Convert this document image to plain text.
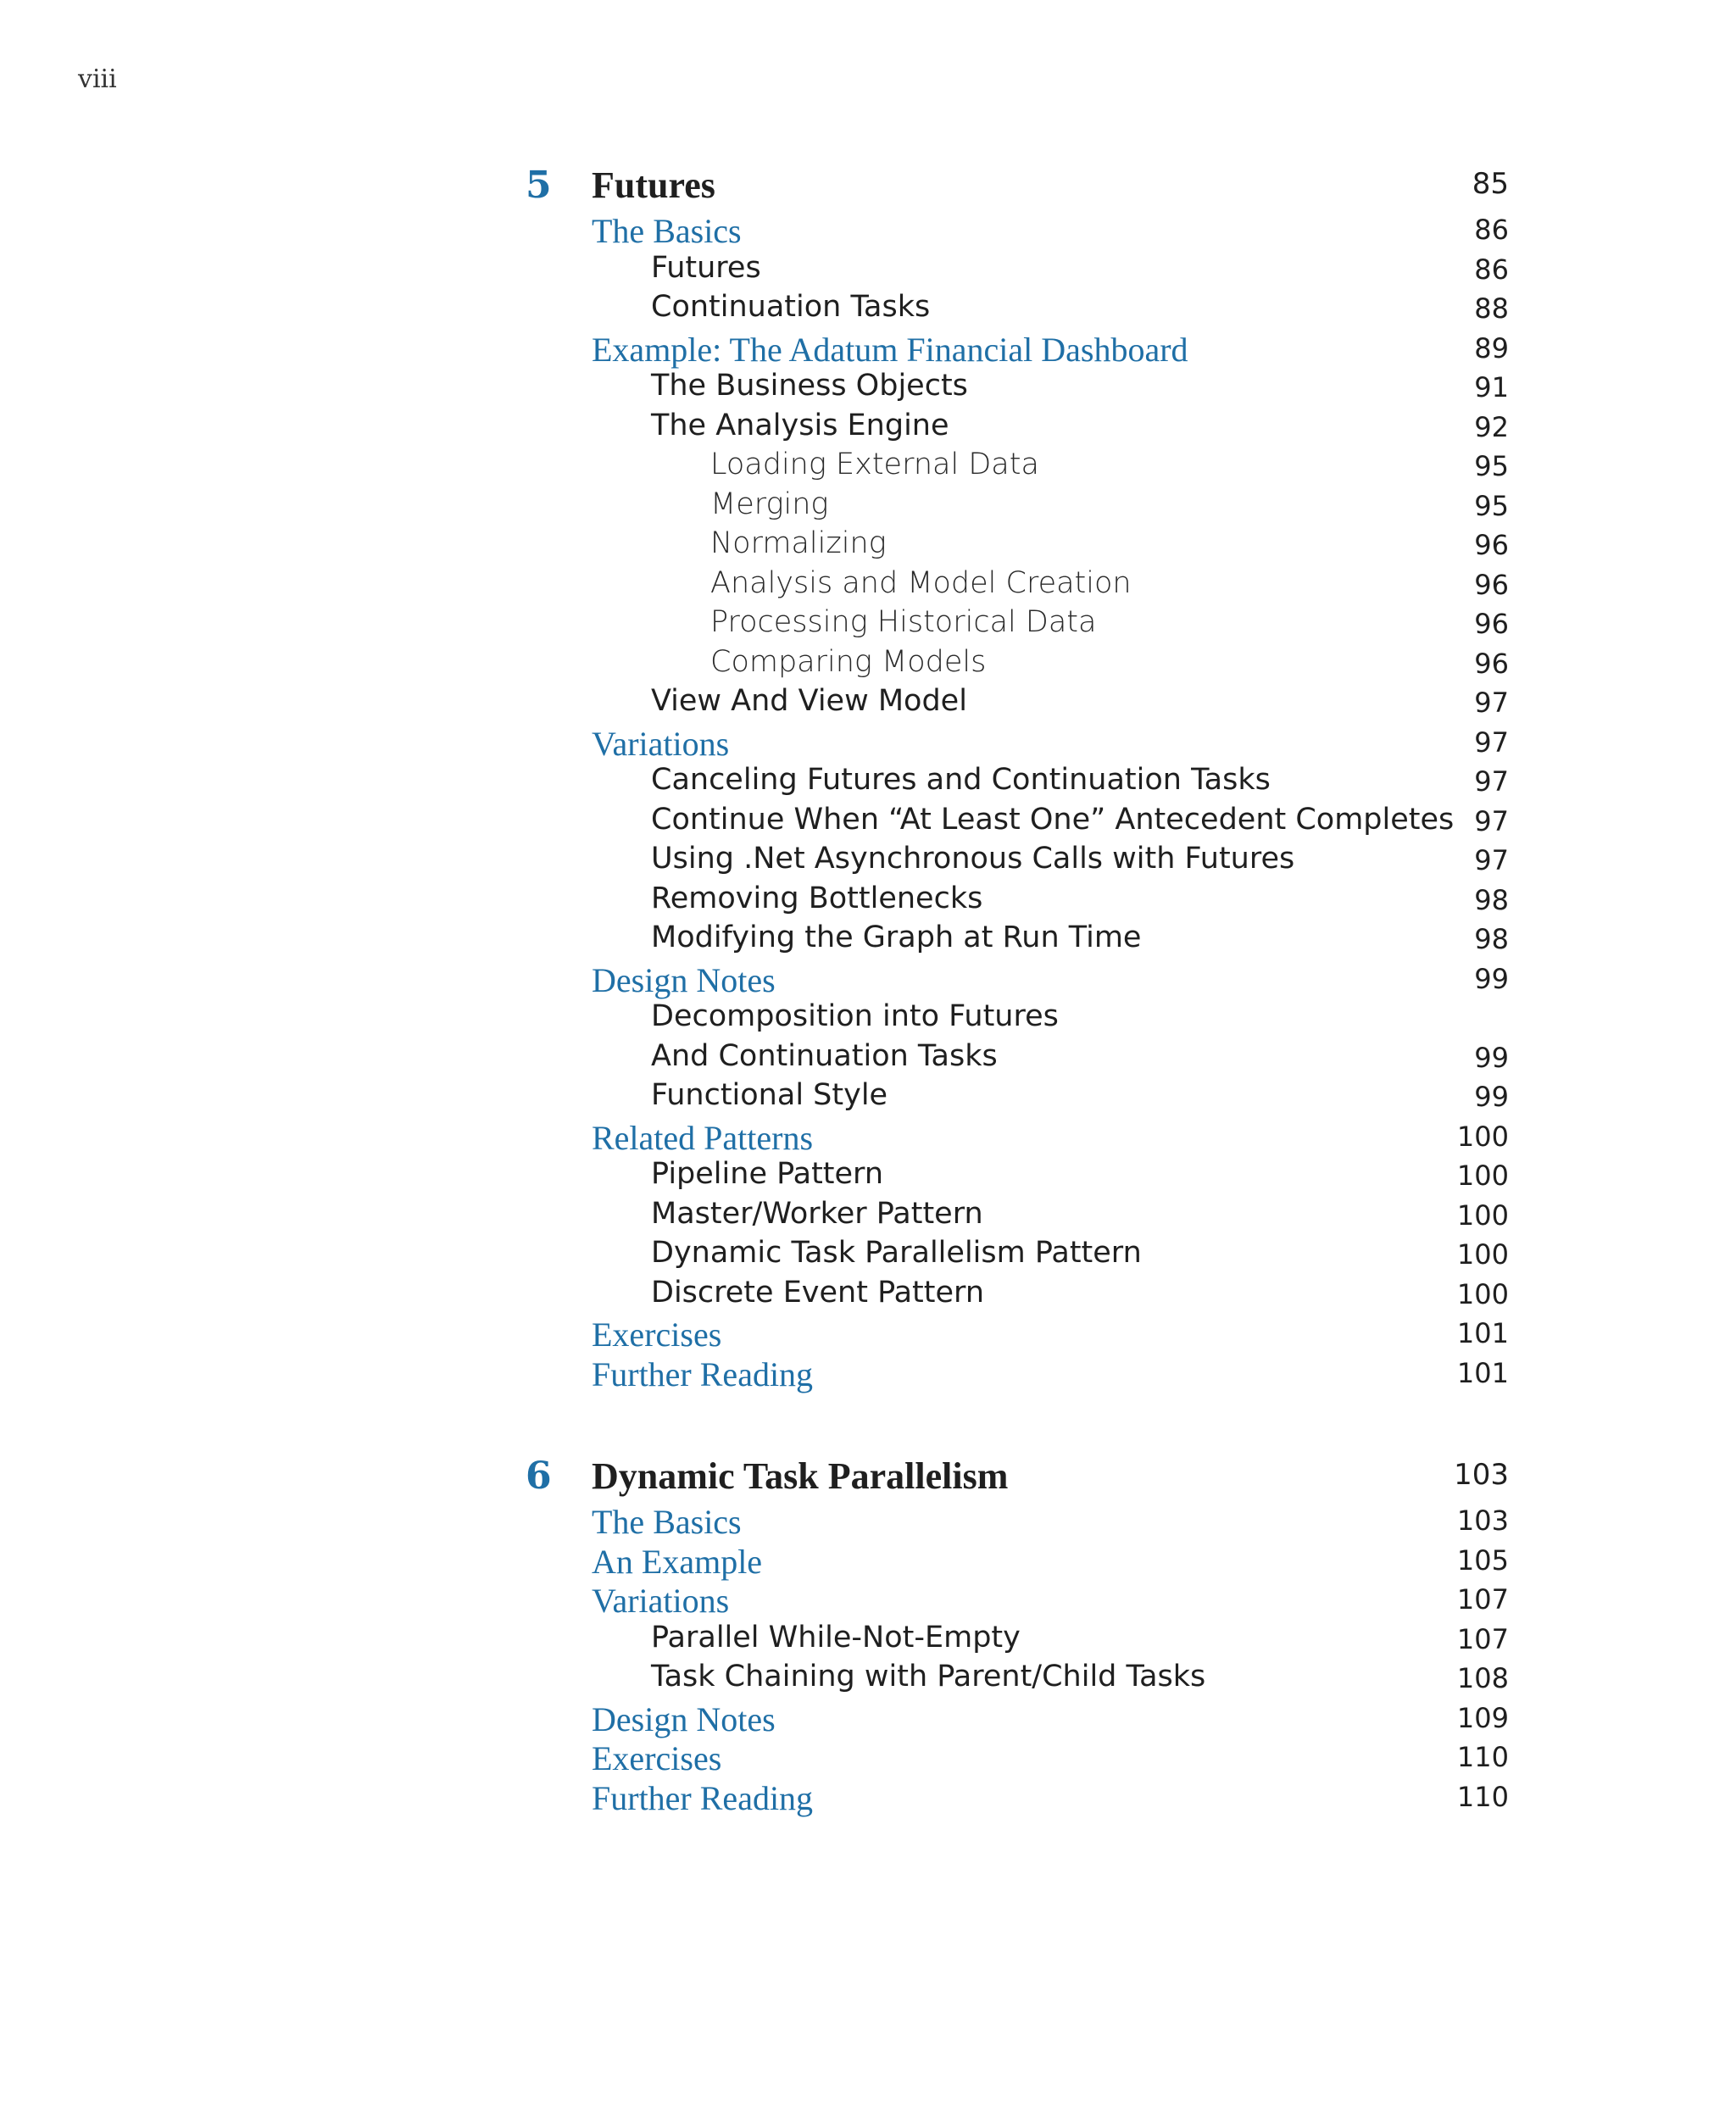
viii
5 Futures	85
The Basics	86
Futures	86
Continuation Tasks	88
Example: The Adatum Financial Dashboard	89
The Business Objects	91
The Analysis Engine	92
Loading External Data	95
Merging	95
Normalizing	96
Analysis and Model Creation	96
Processing Historical Data	96
Comparing Models	96
View And View Model	97
Variations	97
Canceling Futures and Continuation Tasks	97
Continue When “At Least One” Antecedent Completes 97
Using .Net Asynchronous Calls with Futures	97
Removing Bottlenecks	98
Modifying the Graph at Run Time	98
Design Notes	99
Decomposition into Futures
And Continuation Tasks	99
Functional Style	99
Related Patterns	100
Pipeline Pattern	100
Master/Worker Pattern	100
Dynamic Task Parallelism Pattern	100
Discrete Event Pattern	100
Exercises	101
Further Reading	101
6 Dynamic Task Parallelism	103
The Basics	103
An Example	105
Variations	107
Parallel While-Not-Empty	107
Task Chaining with Parent/Child Tasks	108
Design Notes	109
Exercises	110
Further Reading	110
